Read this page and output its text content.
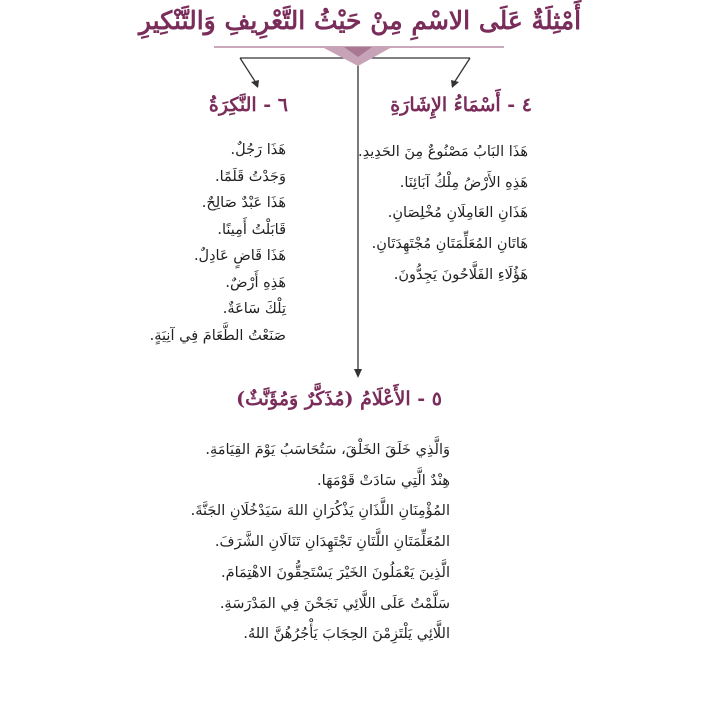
أَمْثِلَةٌ عَلَى الاسْمِ مِنْ حَيْثُ التَّعْرِيفِ وَالتَّنْكِيرِ
٤ - أَسْمَاءُ الإِشَارَةِ
هَذَا البَابُ مَصْنُوعٌ مِنَ الحَدِيدِ.
هَذِهِ الأَرْضُ مِلْكُ آبَائِنَا.
هَذَانِ العَامِلَانِ مُخْلِصَانِ.
هَاتَانِ المُعَلِّمَتَانِ مُجْتَهِدَتَانِ.
هَؤُلَاءِ الفَلَّاحُونَ يَجِدُّونَ.
٦ - النَّكِرَةُ
هَذَا رَجُلٌ.
وَجَدْتُ قَلَمًا.
هَذَا عَبْدٌ صَالِحٌ.
قَابَلْتُ أَمِينًا.
هَذَا قَاضٍ عَادِلٌ.
هَذِهِ أَرْضٌ.
تِلْكَ سَاعَةٌ.
صَنَعْتُ الطَّعَامَ فِي آنِيَةٍ.
٥ - الأَعْلَامُ (مُذَكَّرٌ وَمُؤَنَّثٌ)
وَالَّذِي خَلَقَ الخَلْقَ، سَتُحَاسَبُ يَوْمَ القِيَامَةِ.
هِنْدٌ الَّتِي سَادَتْ قَوْمَهَا.
المُؤْمِنَانِ اللَّذَانِ يَذْكُرَانِ اللهَ سَيَدْخُلَانِ الجَنَّةَ.
المُعَلِّمَتَانِ اللَّتَانِ تَجْتَهِدَانِ تَنَالَانِ الشَّرَفَ.
الَّذِينَ يَعْمَلُونَ الخَيْرَ يَسْتَحِقُّونَ الاهْتِمَامَ.
سَلَّمْتُ عَلَى اللَّائِي نَجَحْنَ فِي المَدْرَسَةِ.
اللَّائِي يَلْتَزِمْنَ الحِجَابَ يَأْجُرُهُنَّ اللهُ.
